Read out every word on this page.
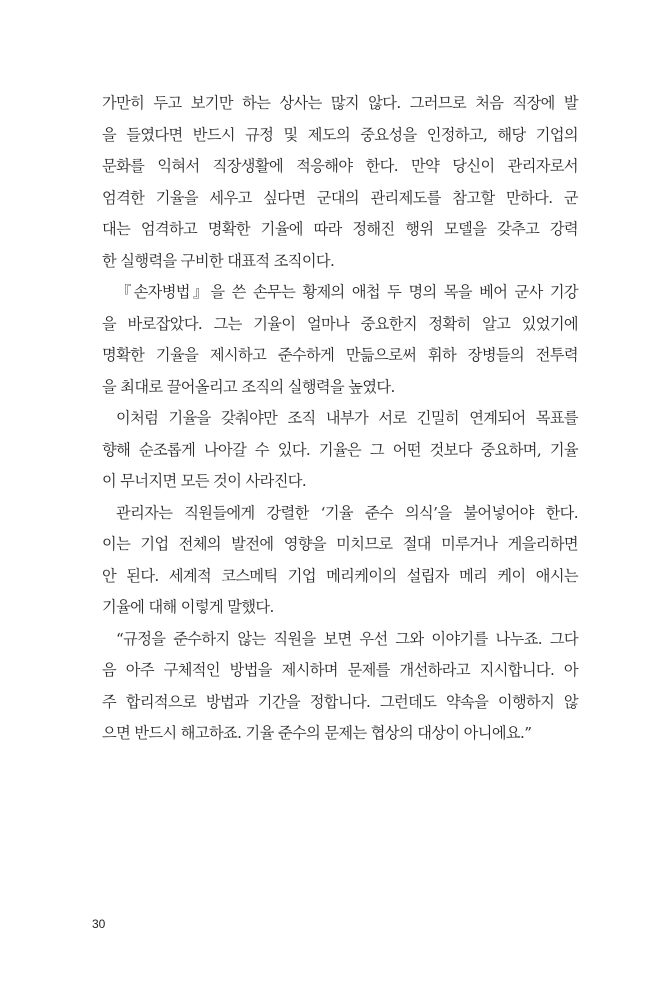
가만히 두고 보기만 하는 상사는 많지 않다. 그러므로 처음 직장에 발
을 들였다면 반드시 규정 및 제도의 중요성을 인정하고, 해당 기업의
문화를 익혀서 직장생활에 적응해야 한다. 만약 당신이 관리자로서
엄격한 기율을 세우고 싶다면 군대의 관리제도를 참고할 만하다. 군
대는 엄격하고 명확한 기율에 따라 정해진 행위 모델을 갖추고 강력
한 실행력을 구비한 대표적 조직이다.
『손자병법』을 쓴 손무는 황제의 애첩 두 명의 목을 베어 군사 기강
을 바로잡았다. 그는 기율이 얼마나 중요한지 정확히 알고 있었기에
명확한 기율을 제시하고 준수하게 만듦으로써 휘하 장병들의 전투력
을 최대로 끌어올리고 조직의 실행력을 높였다.
이처럼 기율을 갖춰야만 조직 내부가 서로 긴밀히 연계되어 목표를
향해 순조롭게 나아갈 수 있다. 기율은 그 어떤 것보다 중요하며, 기율
이 무너지면 모든 것이 사라진다.
관리자는 직원들에게 강렬한 ‘기율 준수 의식’을 불어넣어야 한다.
이는 기업 전체의 발전에 영향을 미치므로 절대 미루거나 게을리하면
안 된다. 세계적 코스메틱 기업 메리케이의 설립자 메리 케이 애시는
기율에 대해 이렇게 말했다.
“규정을 준수하지 않는 직원을 보면 우선 그와 이야기를 나누죠. 그다
음 아주 구체적인 방법을 제시하며 문제를 개선하라고 지시합니다. 아
주 합리적으로 방법과 기간을 정합니다. 그런데도 약속을 이행하지 않
으면 반드시 해고하죠. 기율 준수의 문제는 협상의 대상이 아니에요.”
30
